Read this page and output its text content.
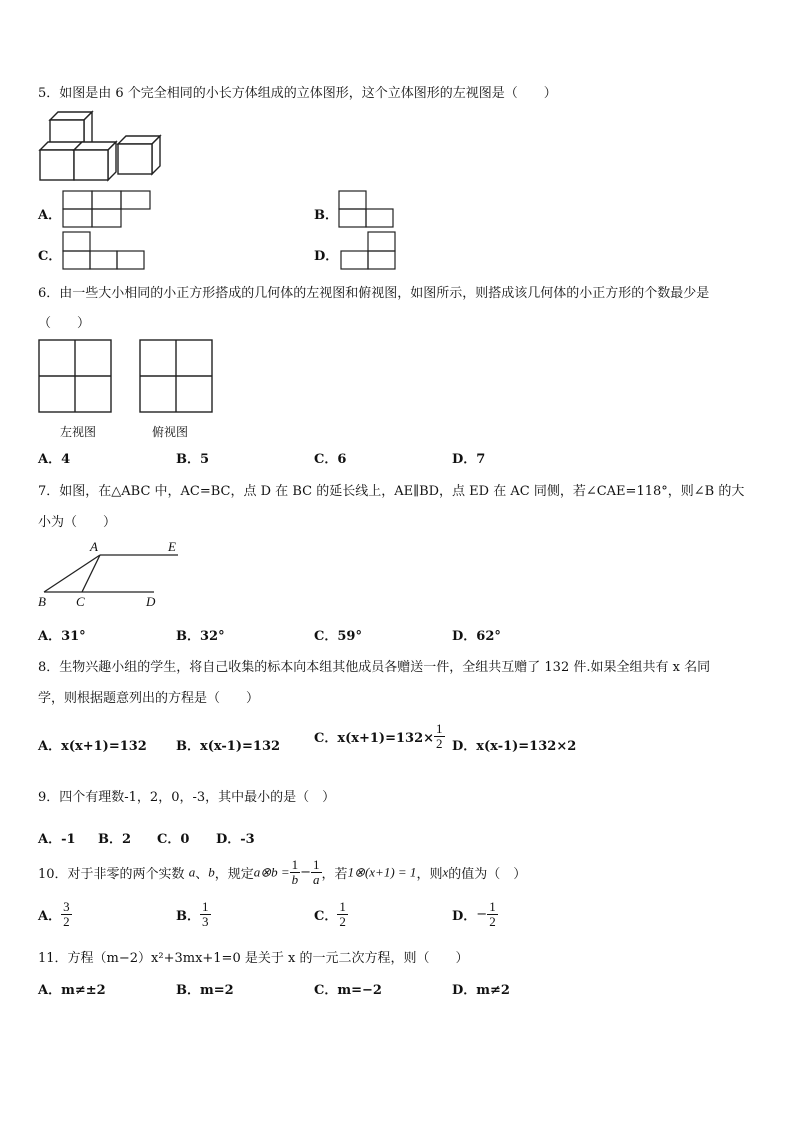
5．如图是由 6 个完全相同的小长方体组成的立体图形，这个立体图形的左视图是（　　）
A．	B．
C．	D．
6．由一些大小相同的小正方形搭成的几何体的左视图和俯视图，如图所示，则搭成该几何体的小正方形的个数最少是
（　　）
左视图	俯视图
A．4	B．5	C．6	D．7
7．如图，在△ABC 中，AC=BC，点 D 在 BC 的延长线上，AE∥BD，点 ED 在 AC 同侧，若∠CAE=118°，则∠B 的大
小为（　　）
A	E
B C	D
A．31°	B．32°	C．59°	D．62°
8．生物兴趣小组的学生，将自己收集的标本向本组其他成员各赠送一件，全组共互赠了 132 件.如果全组共有 x 名同
学，则根据题意列出的方程是（　　）
A．x(x+1)=132 B．x(x-1)=132
C．$x(x+1)=132\times \frac{1}{2}$ D．x(x-1)=132×2
9．四个有理数-1，2，0，-3，其中最小的是（　）
A．-1 B．2 C．0 D．-3
10．对于非零的两个实数 a、b，规定a⊗b = $\frac{1}{b} - \frac{1}{a}$ ，若1⊗(x+1) = 1，则x的值为（　）
A． $\frac{3}{2}$	B． $\frac{1}{3}$	C． $\frac{1}{2}$	D．− $\frac{1}{2}$
11．方程（m−2）x²+3mx+1=0 是关于 x 的一元二次方程，则（　　）
A．m≠±2	B．m=2	C．m=−2	D．m≠2
